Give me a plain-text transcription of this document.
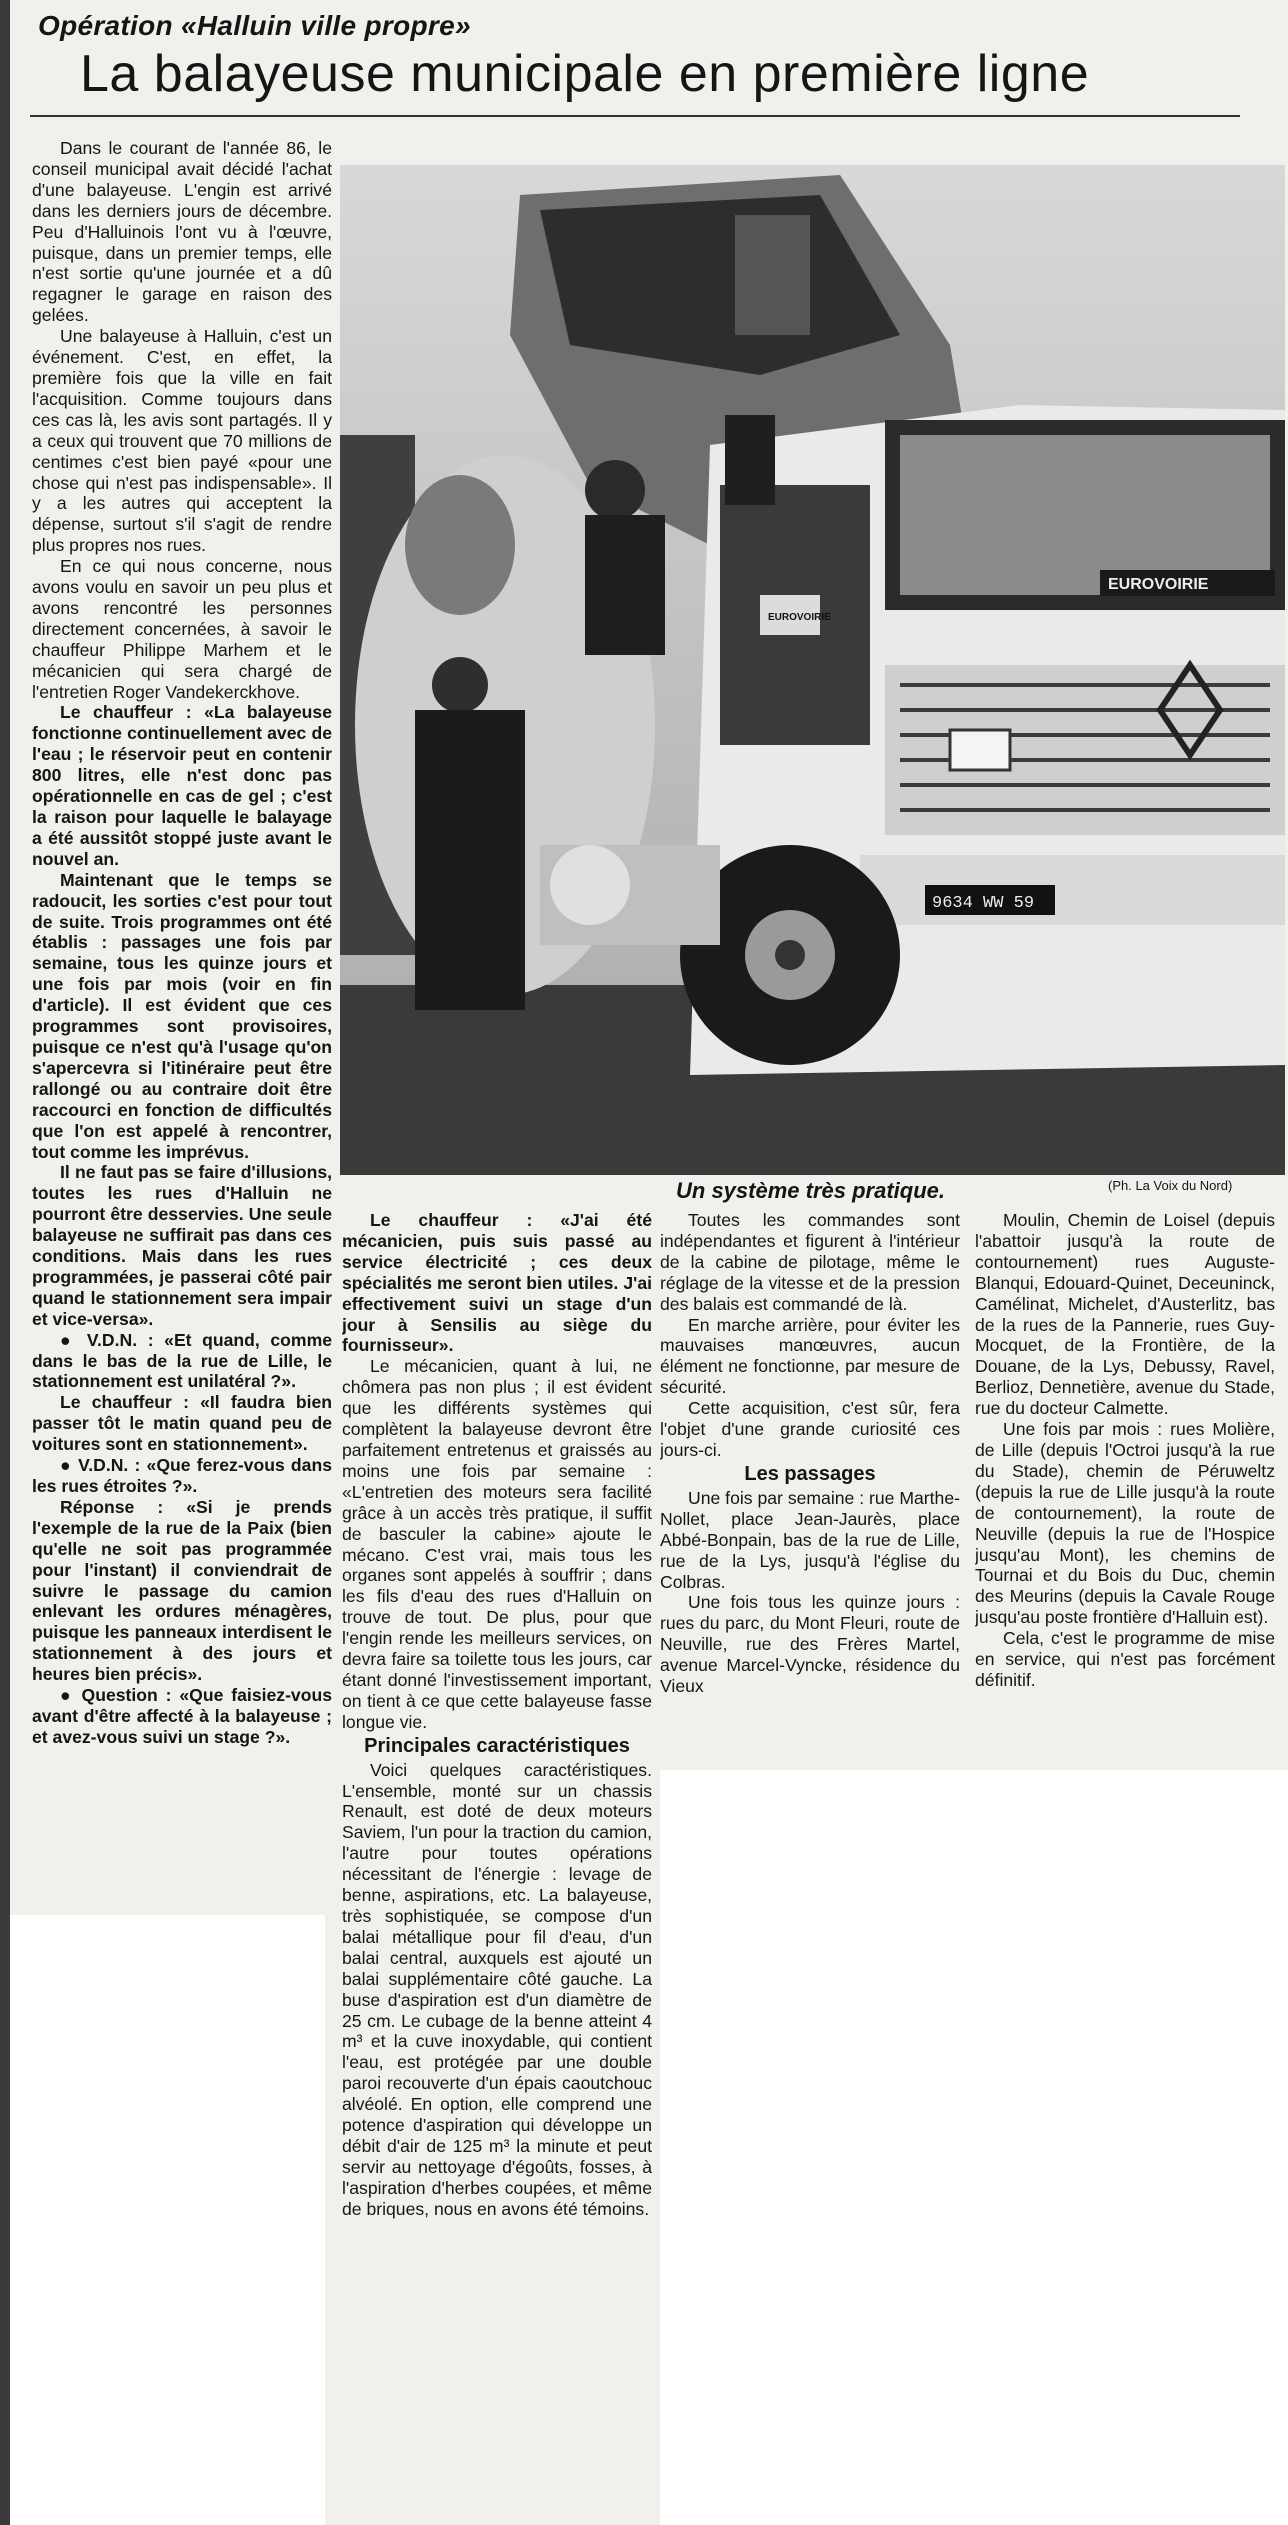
Opération «Halluin ville propre»
La balayeuse municipale en première ligne
EUROVOIRIE
EUROVOIRIE
9634 WW 59
Un système très pratique.	(Ph. La Voix du Nord)

Dans le courant de l'année 86, le conseil municipal avait décidé l'achat d'une balayeuse. L'engin est arrivé dans les derniers jours de décembre. Peu d'Halluinois l'ont vu à l'œuvre, puisque, dans un premier temps, elle n'est sortie qu'une journée et a dû regagner le garage en raison des gelées.

Une balayeuse à Halluin, c'est un événement. C'est, en effet, la première fois que la ville en fait l'acquisition. Comme toujours dans ces cas là, les avis sont partagés. Il y a ceux qui trouvent que 70 millions de centimes c'est bien payé «pour une chose qui n'est pas indispensable». Il y a les autres qui acceptent la dépense, surtout s'il s'agit de rendre plus propres nos rues.

En ce qui nous concerne, nous avons voulu en savoir un peu plus et avons rencontré les personnes directement concernées, à savoir le chauffeur Philippe Marhem et le mécanicien qui sera chargé de l'entretien Roger Vandekerckhove.

Le chauffeur : «La balayeuse fonctionne continuellement avec de l'eau ; le réservoir peut en contenir 800 litres, elle n'est donc pas opérationnelle en cas de gel ; c'est la raison pour laquelle le balayage a été aussitôt stoppé juste avant le nouvel an.

Maintenant que le temps se radoucit, les sorties c'est pour tout de suite. Trois programmes ont été établis : passages une fois par semaine, tous les quinze jours et une fois par mois (voir en fin d'article). Il est évident que ces programmes sont provisoires, puisque ce n'est qu'à l'usage qu'on s'apercevra si l'itinéraire peut être rallongé ou au contraire doit être raccourci en fonction de difficultés que l'on est appelé à rencontrer, tout comme les imprévus.

Il ne faut pas se faire d'illusions, toutes les rues d'Halluin ne pourront être desservies. Une seule balayeuse ne suffirait pas dans ces conditions. Mais dans les rues programmées, je passerai côté pair quand le stationnement sera impair et vice-versa».

● V.D.N. : «Et quand, comme dans le bas de la rue de Lille, le stationnement est unilatéral ?».

Le chauffeur : «Il faudra bien passer tôt le matin quand peu de voitures sont en stationnement».

● V.D.N. : «Que ferez-vous dans les rues étroites ?».

Réponse : «Si je prends l'exemple de la rue de la Paix (bien qu'elle ne soit pas programmée pour l'instant) il conviendrait de suivre le passage du camion enlevant les ordures ménagères, puisque les panneaux interdisent le stationnement à des jours et heures bien précis».

● Question : «Que faisiez-vous avant d'être affecté à la balayeuse ; et avez-vous suivi un stage ?».

Le chauffeur : «J'ai été mécanicien, puis suis passé au service électricité ; ces deux spécialités me seront bien utiles. J'ai effectivement suivi un stage d'un jour à Sensilis au siège du fournisseur».

Le mécanicien, quant à lui, ne chômera pas non plus ; il est évident que les différents systèmes qui complètent la balayeuse devront être parfaitement entretenus et graissés au moins une fois par semaine : «L'entretien des moteurs sera facilité grâce à un accès très pratique, il suffit de basculer la cabine» ajoute le mécano. C'est vrai, mais tous les organes sont appelés à souffrir ; dans les fils d'eau des rues d'Halluin on trouve de tout. De plus, pour que l'engin rende les meilleurs services, on devra faire sa toilette tous les jours, car étant donné l'investissement important, on tient à ce que cette balayeuse fasse longue vie.

Principales caractéristiques

Voici quelques caractéristiques. L'ensemble, monté sur un chassis Renault, est doté de deux moteurs Saviem, l'un pour la traction du camion, l'autre pour toutes opérations nécessitant de l'énergie : levage de benne, aspirations, etc. La balayeuse, très sophistiquée, se compose d'un balai métallique pour fil d'eau, d'un balai central, auxquels est ajouté un balai supplémentaire côté gauche. La buse d'aspiration est d'un diamètre de 25 cm. Le cubage de la benne atteint 4 m³ et la cuve inoxydable, qui contient l'eau, est protégée par une double paroi recouverte d'un épais caoutchouc alvéolé. En option, elle comprend une potence d'aspiration qui développe un débit d'air de 125 m³ la minute et peut servir au nettoyage d'égoûts, fosses, à l'aspiration d'herbes coupées, et même de briques, nous en avons été témoins.

Toutes les commandes sont indépendantes et figurent à l'intérieur de la cabine de pilotage, même le réglage de la vitesse et de la pression des balais est commandé de là.

En marche arrière, pour éviter les mauvaises manœuvres, aucun élément ne fonctionne, par mesure de sécurité.

Cette acquisition, c'est sûr, fera l'objet d'une grande curiosité ces jours-ci.

Les passages

Une fois par semaine : rue Marthe-Nollet, place Jean-Jaurès, place Abbé-Bonpain, bas de la rue de Lille, rue de la Lys, jusqu'à l'église du Colbras.

Une fois tous les quinze jours : rues du parc, du Mont Fleuri, route de Neuville, rue des Frères Martel, avenue Marcel-Vyncke, résidence du Vieux

Moulin, Chemin de Loisel (depuis l'abattoir jusqu'à la route de contournement) rues Auguste-Blanqui, Edouard-Quinet, Deceuninck, Camélinat, Michelet, d'Austerlitz, bas de la rues de la Pannerie, rues Guy-Mocquet, de la Frontière, de la Douane, de la Lys, Debussy, Ravel, Berlioz, Dennetière, avenue du Stade, rue du docteur Calmette.

Une fois par mois : rues Molière, de Lille (depuis l'Octroi jusqu'à la rue du Stade), chemin de Péruweltz (depuis la rue de Lille jusqu'à la route de contournement), la route de Neuville (depuis la rue de l'Hospice jusqu'au Mont), les chemins de Tournai et du Bois du Duc, chemin des Meurins (depuis la Cavale Rouge jusqu'au poste frontière d'Halluin est).

Cela, c'est le programme de mise en service, qui n'est pas forcément définitif.
